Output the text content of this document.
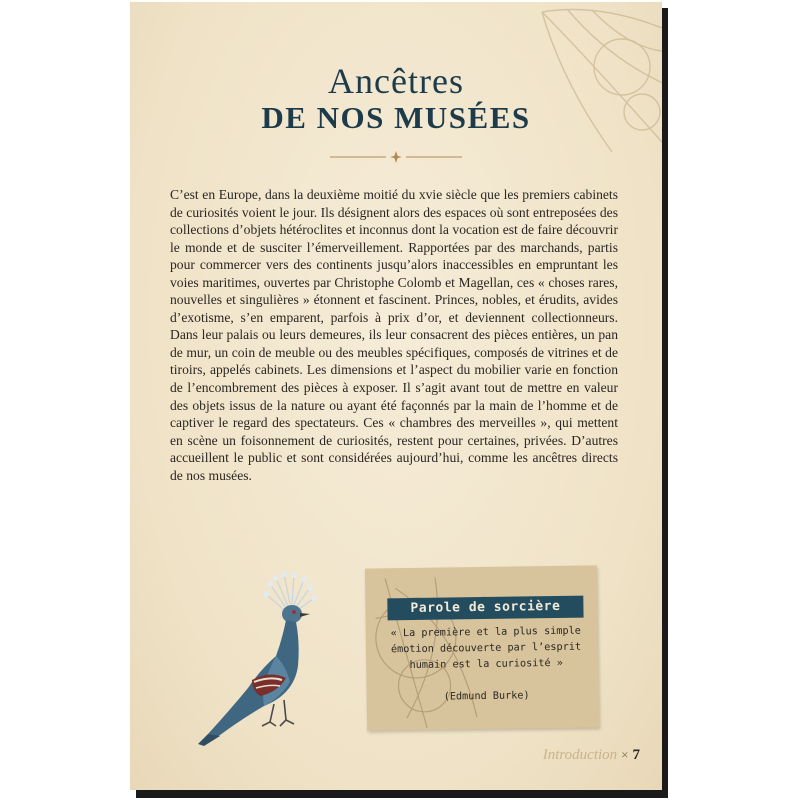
Ancêtres
DE NOS MUSÉES

C’est en Europe, dans la deuxième moitié du xvie siècle que les premiers cabinets de curiosités voient le jour. Ils désignent alors des espaces où sont entreposées des collections d’objets hétéroclites et inconnus dont la vocation est de faire découvrir le monde et de susciter l’émerveillement. Rapportées par des marchands, partis pour commercer vers des continents jusqu’alors inaccessibles en empruntant les voies maritimes, ouvertes par Christophe Colomb et Magellan, ces « choses rares, nouvelles et singulières » étonnent et fascinent. Princes, nobles, et érudits, avides d’exotisme, s’en emparent, parfois à prix d’or, et deviennent collectionneurs. Dans leur palais ou leurs demeures, ils leur consacrent des pièces entières, un pan de mur, un coin de meuble ou des meubles spécifiques, composés de vitrines et de tiroirs, appelés cabinets. Les dimensions et l’aspect du mobilier varie en fonction de l’encombrement des pièces à exposer. Il s’agit avant tout de mettre en valeur des objets issus de la nature ou ayant été façonnés par la main de l’homme et de captiver le regard des spectateurs. Ces « chambres des merveilles », qui mettent en scène un foisonnement de curiosités, restent pour certaines, privées. D’autres accueillent le public et sont considérées aujourd’hui, comme les ancêtres directs de nos musées.

Parole de sorcière

« La première et la plus simple émotion découverte par l’esprit humain est la curiosité »

(Edmund Burke)
Introduction × 7
